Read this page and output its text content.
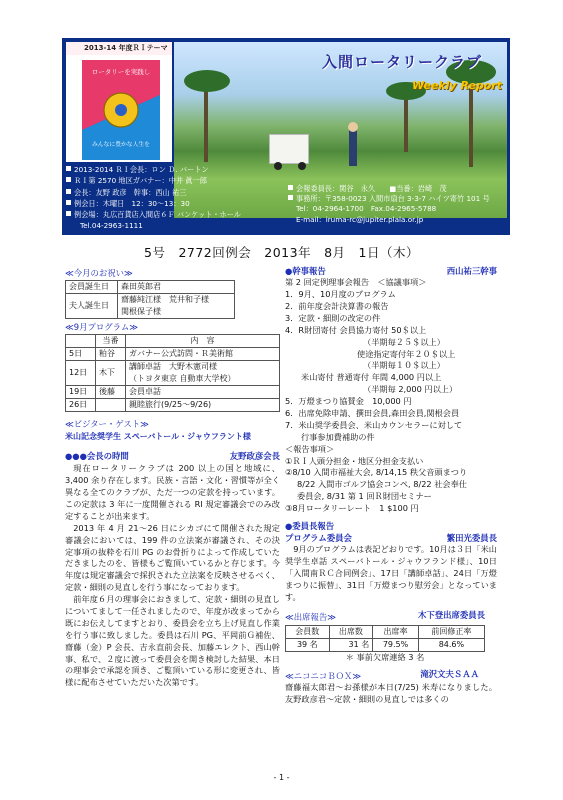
2013-14 年度ＲＩテーマ
ロータリーを実践し
みんなに豊かな人生を
入間ロータリークラブ
Weekly Report
2013-2014 ＲＩ会長：ロン Ｄ. バートン
ＲＩ第 2570 地区ガバナー：中井 眞一郎
会長：友野 政彦　幹事：西山 祐三
例会日：木曜日　12：30～13：30
例会場：丸広百貨店入間店６Ｆ バンケット・ホール
Tel.04-2963-1111
会報委員長：関谷　永久　　■当番：岩崎　茂
事務所：〒358-0023 入間市扇台 3-3-7 ハイツ寄竹 101 号
Tel：04-2964-1700　Fax.04-2965-5788
E-mail：iruma-rc@jupiter.plala.or.jp
5号　2772回例会　2013年　8月　1日（木）
≪今月のお祝い≫
会員誕生日	森田英郎君
夫人誕生日	齋藤純江様　荒井和子様
	関根保子様
≪9月プログラム≫
	当番	内　容
5日	粕谷	ガバナー公式訪問・Ｒ美術館
12日	木下	講師卓話　大野木憲司様
		（トヨタ東京 自動車大学校）
19日	後藤	会員卓話
26日		親睦旅行(9/25～9/26)
≪ビジター・ゲスト≫
米山記念奨学生 スペーバトール・ジャウフラント様
●●●会長の時間	友野政彦会長

現在ロータリークラブは 200 以上の国と地域に、3,400 余り存在します。民族・言語・文化・習慣等が全く異なる全てのクラブが、ただ一つの定款を持っています。この定款は 3 年に一度開催される RI 規定審議会でのみ改定することが出来ます。

2013 年 4 月 21～26 日にシカゴにて開催された規定審議会においては、199 件の立法案が審議され、その決定事項の抜粋を石川 PG のお骨折りによって作成していただきましたのを、皆様もご覧頂いているかと存じます。今年度は規定審議会で採択された立法案を反映させるべく、定款・細則の見直しを行う事になっております。

前年度６月の理事会におきまして、定款・細則の見直しについてまして一任されましたので、年度が改まってから既にお伝えしてますとおり、委員会を立ち上げ見直し作業を行う事に致しました。委員は石川 PG、平岡前Ｇ補佐、齋藤（金）P 会長、吉永直前会長、加藤エレクト、西山幹事、私で、２度に渡って委員会を開き検討した結果、本日の理事会で承認を頂き、ご覧頂いている形に変更され、皆様に配布させていただいた次第です。

●幹事報告	西山祐三幹事
第 2 回定例理事会報告　＜協議事項＞
1．9月、10月度のプログラム
2．前年度会計決算書の報告
3．定款・細則の改定の件
4．R財団寄付 会員協力寄付 50＄以上
（半期毎２５＄以上）
使途指定寄付年２０＄以上
（半期毎１０＄以上）
米山寄付 普通寄付 年間 4,000 円以上
（半期毎 2,000 円以上）
5．万燈まつり協賛金　10,000 円
6．出席免除申請、撰田会員,森田会員,関根会員
7．米山奨学委員会、米山カウンセラーに対して
行事参加費補助の件
＜報告事項＞
①ＲＩ人頭分担金・地区分担金支払い
②8/10 入間市福祉大会, 8/14,15 秩父音頭まつり
8/22 入間市ゴルフ協会コンペ, 8/22 社会奉仕
委員会, 8/31 第 1 回Ｒ財団セミナー
③8月ロータリーレート　1 $100 円
●委員長報告
プログラム委員会	繁田光委員長

9月のプログラムは表記どおりです。10月は３日「米山奨学生卓話 スペーバトール・ジャウフランド様」、10日「入間南ＲＣ合同例会」、17日「講師卓話」、24日「万燈まつりに振替」、31日「万燈まつり慰労会」となっています。

≪出席報告≫	木下登出席委員長
会員数	出席数	出席率	前回修正率
39 名	31 名	79.5%	84.6%
＊ 事前欠席連絡 3 名
≪ニコニコＢＯＸ≫	滝沢文夫ＳＡＡ

齋藤福太郎君～お孫様が本日(7/25) 米寿になりました。友野政彦君～定款・細則の見直しでは多くの

- 1 -
